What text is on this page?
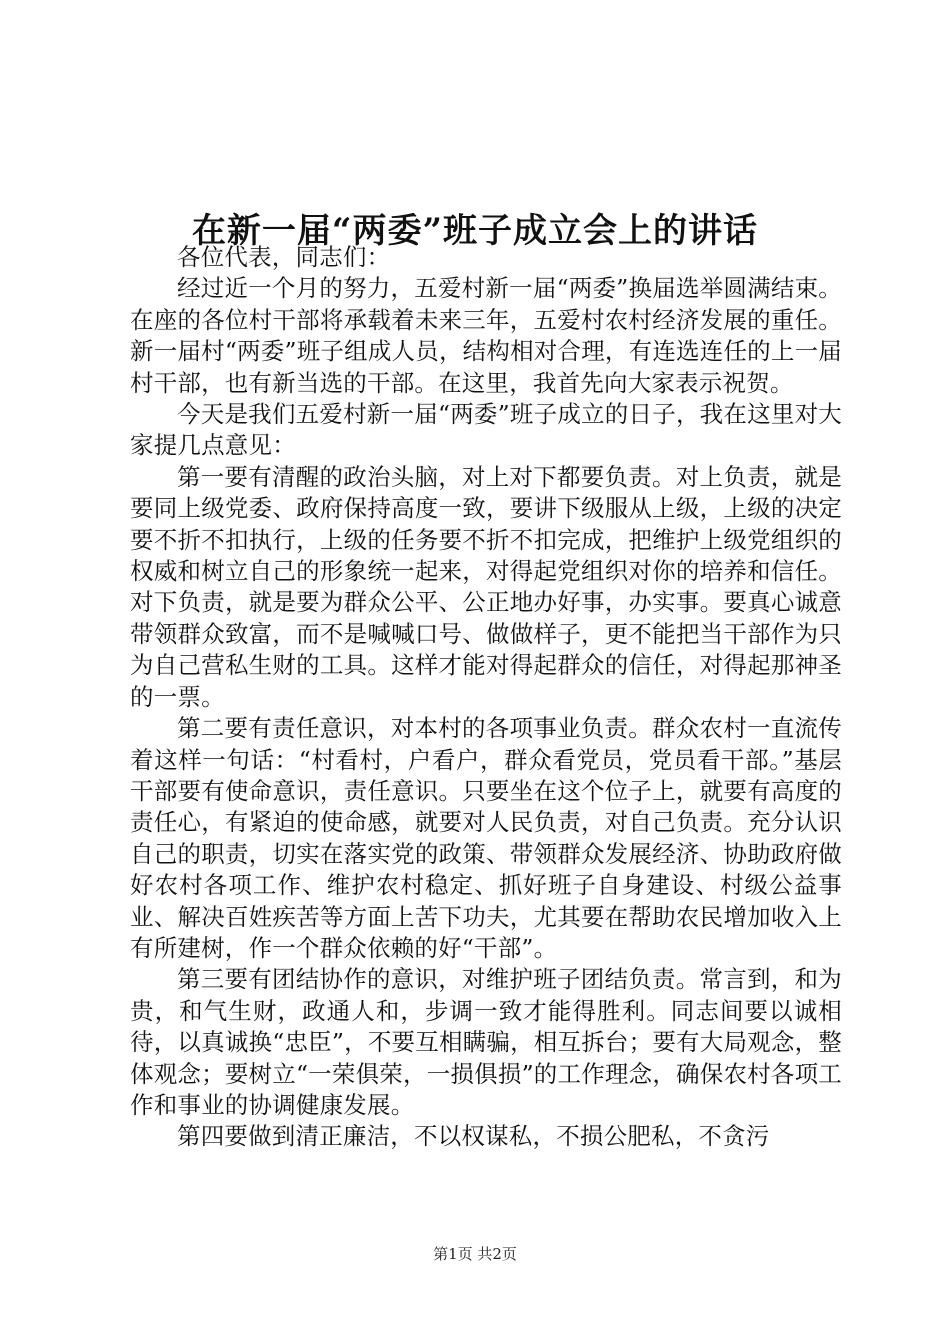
在新一届“两委”班子成立会上的讲话

各位代表，同志们：

经过近一个月的努力，五爱村新一届“两委”换届选举圆满结束。在座的各位村干部将承载着未来三年，五爱村农村经济发展的重任。新一届村“两委”班子组成人员，结构相对合理，有连选连任的上一届村干部，也有新当选的干部。在这里，我首先向大家表示祝贺。

今天是我们五爱村新一届“两委”班子成立的日子，我在这里对大家提几点意见：

第一要有清醒的政治头脑，对上对下都要负责。对上负责，就是要同上级党委、政府保持高度一致，要讲下级服从上级，上级的决定要不折不扣执行，上级的任务要不折不扣完成，把维护上级党组织的权威和树立自己的形象统一起来，对得起党组织对你的培养和信任。对下负责，就是要为群众公平、公正地办好事，办实事。要真心诚意带领群众致富，而不是喊喊口号、做做样子，更不能把当干部作为只为自己营私生财的工具。这样才能对得起群众的信任，对得起那神圣的一票。

第二要有责任意识，对本村的各项事业负责。群众农村一直流传着这样一句话：“村看村，户看户，群众看党员，党员看干部。”基层干部要有使命意识，责任意识。只要坐在这个位子上，就要有高度的责任心，有紧迫的使命感，就要对人民负责，对自己负责。充分认识自己的职责，切实在落实党的政策、带领群众发展经济、协助政府做好农村各项工作、维护农村稳定、抓好班子自身建设、村级公益事业、解决百姓疾苦等方面上苦下功夫，尤其要在帮助农民增加收入上有所建树，作一个群众依赖的好“干部”。

第三要有团结协作的意识，对维护班子团结负责。常言到，和为贵，和气生财，政通人和，步调一致才能得胜利。同志间要以诚相待，以真诚换“忠臣”，不要互相瞒骗，相互拆台；要有大局观念，整体观念；要树立“一荣俱荣，一损俱损”的工作理念，确保农村各项工作和事业的协调健康发展。

第四要做到清正廉洁，不以权谋私，不损公肥私，不贪污

第1页 共2页
